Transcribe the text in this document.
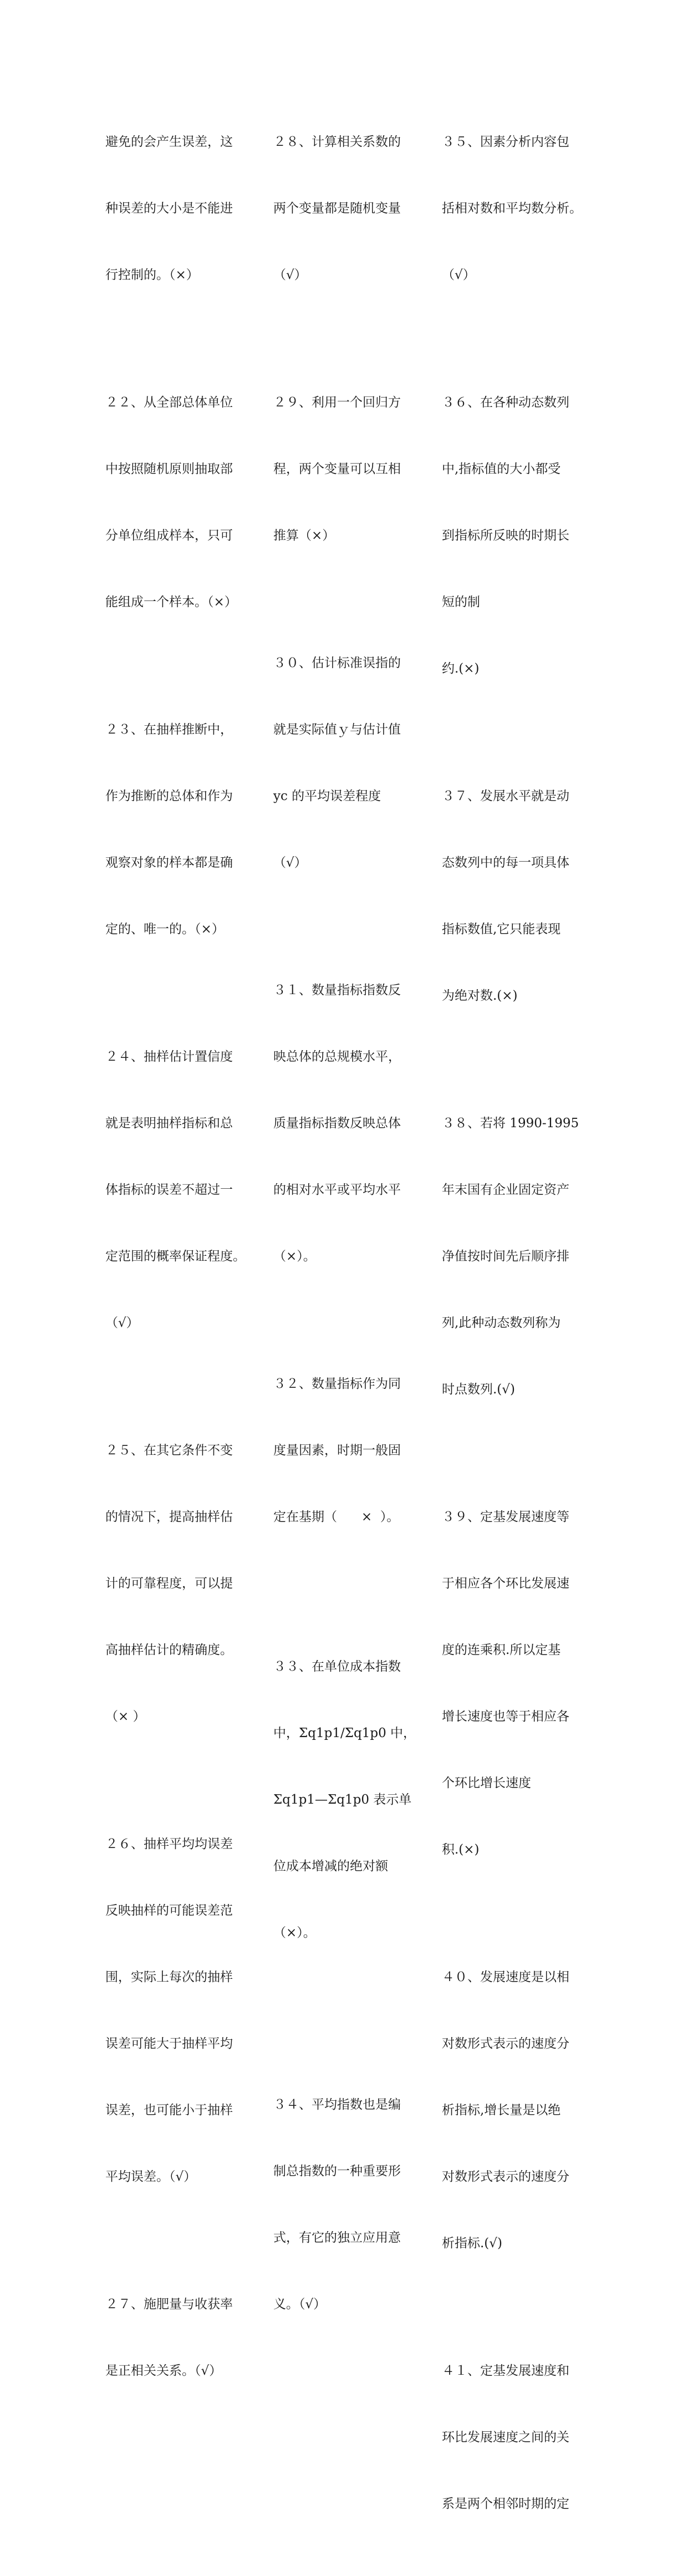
避免的会产生误差，这

种误差的大小是不能进

行控制的。（×）

２２、从全部总体单位

中按照随机原则抽取部

分单位组成样本，只可

能组成一个样本。（×）

２３、在抽样推断中，

作为推断的总体和作为

观察对象的样本都是确

定的、唯一的。（×）

２４、抽样估计置信度

就是表明抽样指标和总

体指标的误差不超过一

定范围的概率保证程度。

（√）

２５、在其它条件不变

的情况下，提高抽样估

计的可靠程度，可以提

高抽样估计的精确度。

（× ）

２６、抽样平均均误差

反映抽样的可能误差范

围，实际上每次的抽样

误差可能大于抽样平均

误差，也可能小于抽样

平均误差。（√）

２７、施肥量与收获率

是正相关关系。（√）

２８、计算相关系数的

两个变量都是随机变量

（√）

２９、利用一个回归方

程，两个变量可以互相

推算（×）

３０、估计标准误指的

就是实际值ｙ与估计值

yc 的平均误差程度

（√）

３１、数量指标指数反

映总体的总规模水平，

质量指标指数反映总体

的相对水平或平均水平

（×）。

３２、数量指标作为同

度量因素，时期一般固

定在基期（      ×  ）。

３３、在单位成本指数

中，Σq1p1/Σq1p0 中，

Σq1p1—Σq1p0 表示单

位成本增减的绝对额

（×）。

３４、平均指数也是编

制总指数的一种重要形

式，有它的独立应用意

义。（√）

３５、因素分析内容包

括相对数和平均数分析。

（√）

３６、在各种动态数列

中,指标值的大小都受

到指标所反映的时期长

短的制

约.(×)

３７、发展水平就是动

态数列中的每一项具体

指标数值,它只能表现

为绝对数.(×)

３８、若将 1990-1995

年末国有企业固定资产

净值按时间先后顺序排

列,此种动态数列称为

时点数列.(√)

３９、定基发展速度等

于相应各个环比发展速

度的连乘积.所以定基

增长速度也等于相应各

个环比增长速度

积.(×)

４０、发展速度是以相

对数形式表示的速度分

析指标,增长量是以绝

对数形式表示的速度分

析指标.(√)

４１、定基发展速度和

环比发展速度之间的关

系是两个相邻时期的定
